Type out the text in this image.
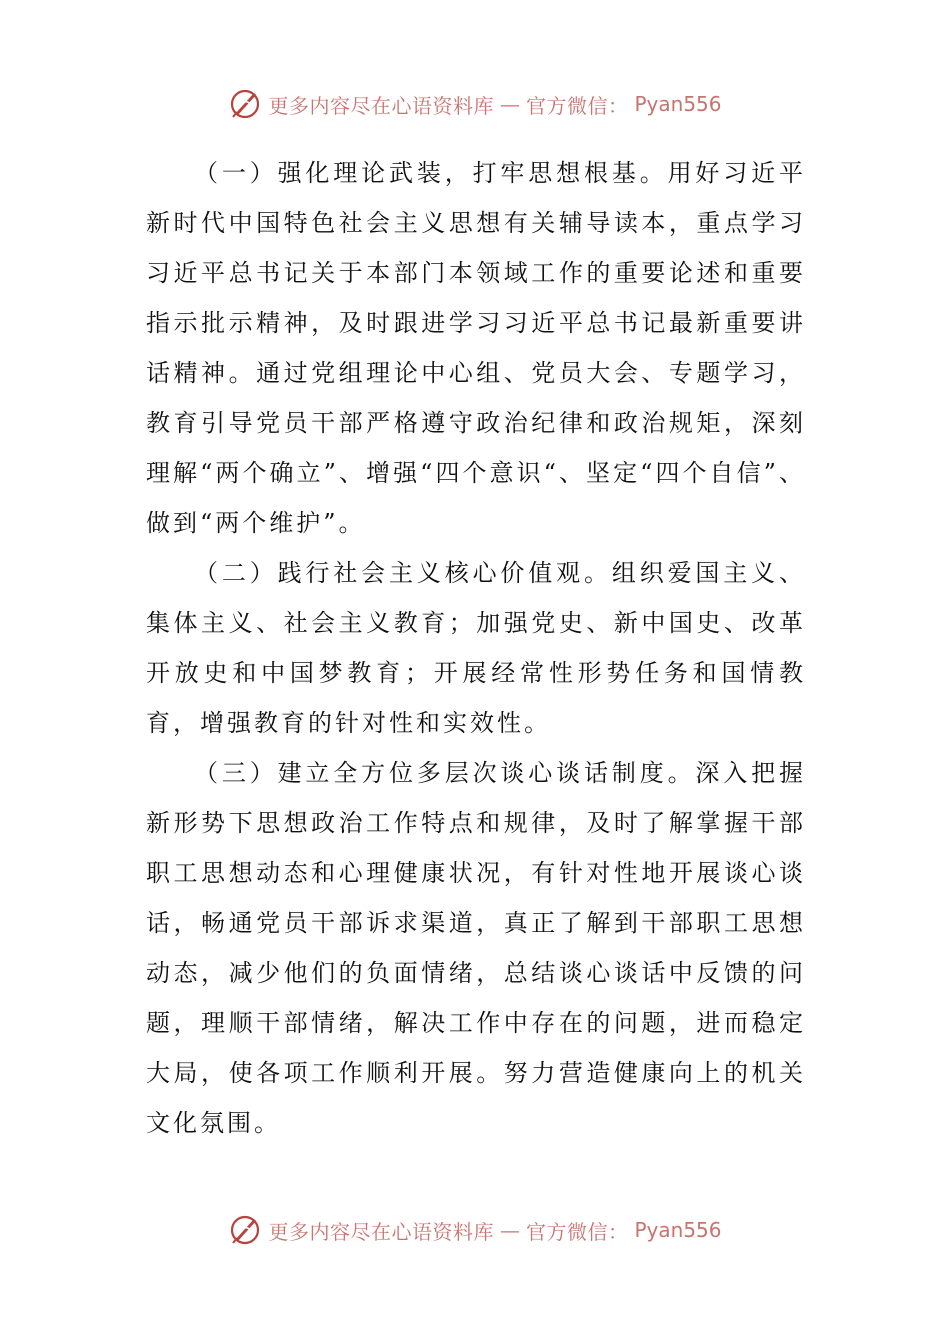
更多内容尽在心语资料库 — 官方微信： Pyan556

（一）强化理论武装，打牢思想根基。用好习近平新时代中国特色社会主义思想有关辅导读本，重点学习习近平总书记关于本部门本领域工作的重要论述和重要指示批示精神，及时跟进学习习近平总书记最新重要讲话精神。通过党组理论中心组、党员大会、专题学习，教育引导党员干部严格遵守政治纪律和政治规矩，深刻理解“两个确立”、增强“四个意识“、坚定“四个自信”、做到“两个维护”。

（二）践行社会主义核心价值观。组织爱国主义、集体主义、社会主义教育；加强党史、新中国史、改革开放史和中国梦教育；开展经常性形势任务和国情教育，增强教育的针对性和实效性。

（三）建立全方位多层次谈心谈话制度。深入把握新形势下思想政治工作特点和规律，及时了解掌握干部职工思想动态和心理健康状况，有针对性地开展谈心谈话，畅通党员干部诉求渠道，真正了解到干部职工思想动态，减少他们的负面情绪，总结谈心谈话中反馈的问题，理顺干部情绪，解决工作中存在的问题，进而稳定大局，使各项工作顺利开展。努力营造健康向上的机关文化氛围。

更多内容尽在心语资料库 — 官方微信： Pyan556
